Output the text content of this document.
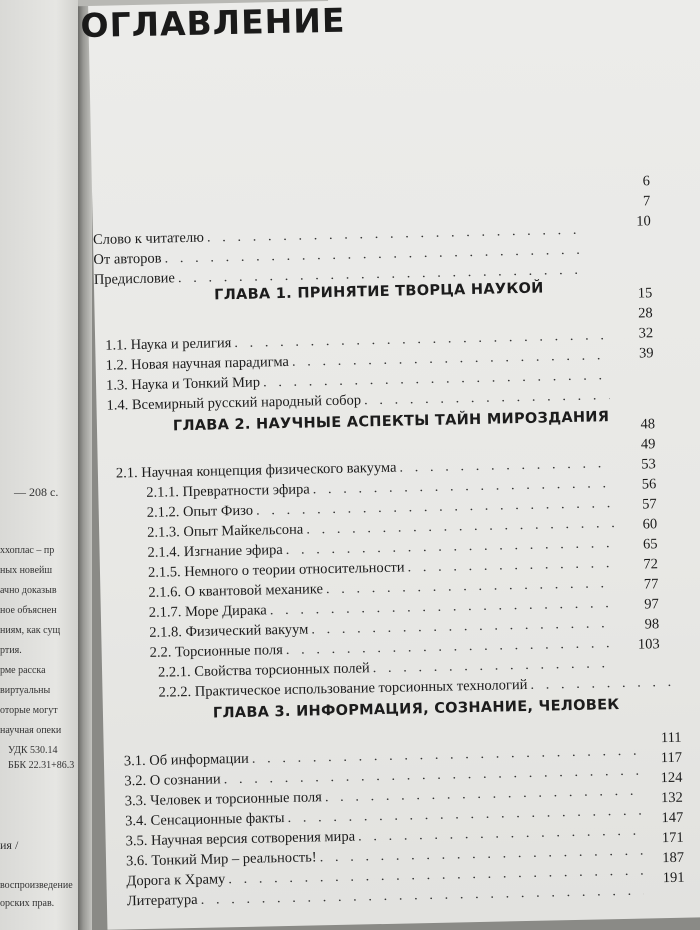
— 208 с.
ххоплас – пр
ных новейш
ачно доказыв
ное объяснен
ниям, как сущ
ртия.
рме расска
виртуальны
оторые могут
научная опеки
УДК 530.14
ББК 22.31+86.3
ия /
воспроизведение
орских прав.
ОГЛАВЛЕНИЕ
6
7
10
Слово к читателю
. . .
От авторов
. . .
Предисловие
. . .
ГЛАВА 1. ПРИНЯТИЕ ТВОРЦА НАУКОЙ	15
28
32
39
1.1. Наука и религия
. . .
1.2. Новая научная парадигма
. . .
1.3. Наука и Тонкий Мир
. . .
1.4. Всемирный русский народный собор
. . .
ГЛАВА 2. НАУЧНЫЕ АСПЕКТЫ ТАЙН МИРОЗДАНИЯ	48
49
53
56
57
60
65
72
77
97
98
103
2.1. Научная концепция физического вакуума
. . .
2.1.1. Превратности эфира
. . .
2.1.2. Опыт Физо
. . .
2.1.3. Опыт Майкельсона
. . .
2.1.4. Изгнание эфира
. . .
2.1.5. Немного о теории относительности
. . .
2.1.6. О квантовой механике
. . .
2.1.7. Море Дирака
. . .
2.1.8. Физический вакуум
. . .
2.2. Торсионные поля
. . .
2.2.1. Свойства торсионных полей
. . .
2.2.2. Практическое использование торсионных технологий
. . .
ГЛАВА 3. ИНФОРМАЦИЯ, СОЗНАНИЕ, ЧЕЛОВЕК
111
117
124
132
147
171
187
191
3.1. Об информации
. . .
3.2. О сознании
. . .
3.3. Человек и торсионные поля
. . .
3.4. Сенсационные факты
. . .
3.5. Научная версия сотворения мира
. . .
3.6. Тонкий Мир – реальность!
. . .
Дорога к Храму
. . .
Литература
. . .
